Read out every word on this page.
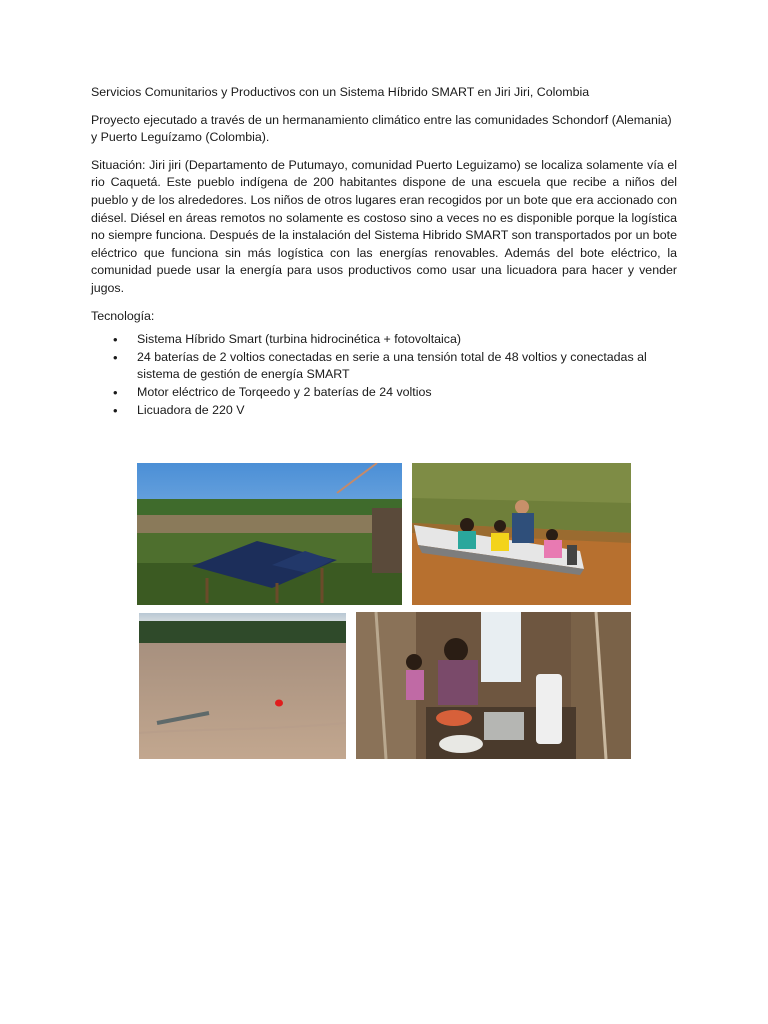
Servicios Comunitarios y Productivos con un Sistema Híbrido SMART en Jiri Jiri, Colombia

Proyecto ejecutado a través de un hermanamiento climático entre las comunidades Schondorf (Alemania) y Puerto Leguízamo (Colombia).

Situación: Jiri jiri (Departamento de Putumayo, comunidad Puerto Leguizamo) se localiza solamente vía el rio Caquetá. Este pueblo indígena de 200 habitantes dispone de una escuela que recibe a niños del pueblo y de los alrededores. Los niños de otros lugares eran recogidos por un bote que era accionado con diésel. Diésel en áreas remotos no solamente es costoso sino a veces no es disponible porque la logística no siempre funciona. Después de la instalación del Sistema Hibrido SMART son transportados por un bote eléctrico que funciona sin más logística con las energías renovables. Además del bote eléctrico, la comunidad puede usar la energía para usos productivos como usar una licuadora para hacer y vender jugos.

Tecnología:

• Sistema Híbrido Smart (turbina hidrocinética + fotovoltaica)
• 24 baterías de 2 voltios conectadas en serie a una tensión total de 48 voltios y conectadas al sistema de gestión de energía SMART
• Motor eléctrico de Torqeedo y 2 baterías de 24 voltios
• Licuadora de 220 V
